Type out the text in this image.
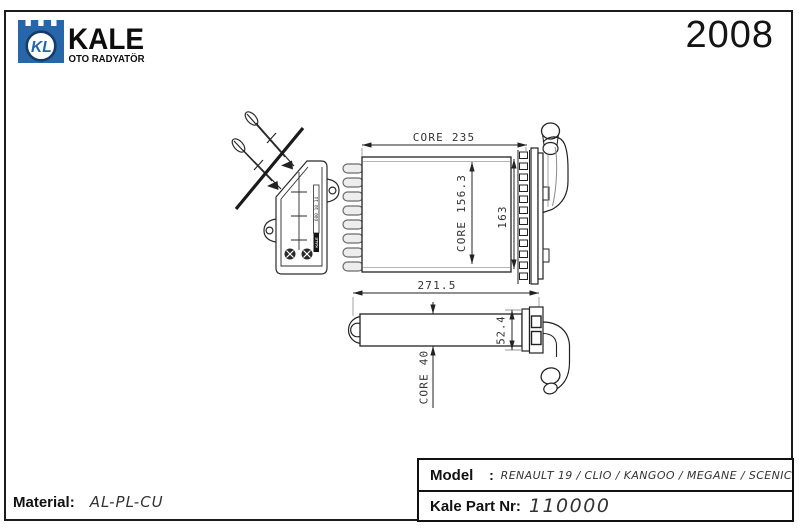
KL KALE
OTO RADYATÖR
2008
600 10 14
KALE
CORE 235
CORE 156.3	163
271.5
CORE 40
52.4
Model	: RENAULT 19 / CLIO / KANGOO / MEGANE / SCENIC
Kale Part Nr: 110000
Material: AL-PL-CU
